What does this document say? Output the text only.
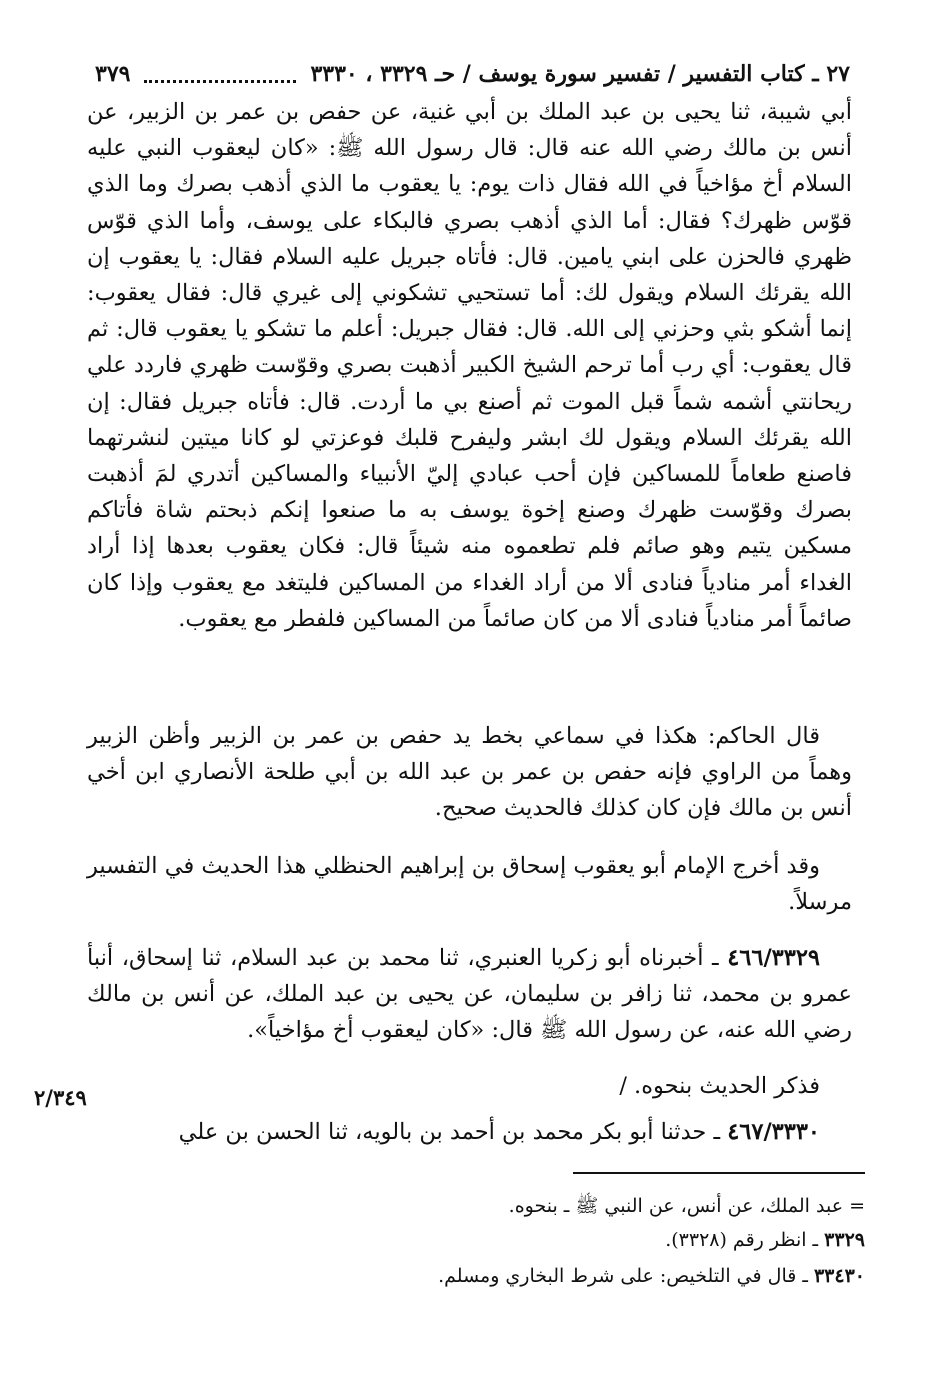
٢٧ ـ كتاب التفسير / تفسير سورة يوسف / حـ ٣٣٢٩ ، ٣٣٣٠
٣٧٩

أبي شيبة، ثنا يحيى بن عبد الملك بن أبي غنية، عن حفص بن عمر بن الزبير، عن أنس بن مالك رضي الله عنه قال: قال رسول الله ﷺ: «كان ليعقوب النبي عليه السلام أخ مؤاخياً في الله فقال ذات يوم: يا يعقوب ما الذي أذهب بصرك وما الذي قوّس ظهرك؟ فقال: أما الذي أذهب بصري فالبكاء على يوسف، وأما الذي قوّس ظهري فالحزن على ابني يامين. قال: فأتاه جبريل عليه السلام فقال: يا يعقوب إن الله يقرئك السلام ويقول لك: أما تستحيي تشكوني إلى غيري قال: فقال يعقوب: إنما أشكو بثي وحزني إلى الله. قال: فقال جبريل: أعلم ما تشكو يا يعقوب قال: ثم قال يعقوب: أي رب أما ترحم الشيخ الكبير أذهبت بصري وقوّست ظهري فاردد علي ريحانتي أشمه شماً قبل الموت ثم أصنع بي ما أردت. قال: فأتاه جبريل فقال: إن الله يقرئك السلام ويقول لك ابشر وليفرح قلبك فوعزتي لو كانا ميتين لنشرتهما فاصنع طعاماً للمساكين فإن أحب عبادي إليّ الأنبياء والمساكين أتدري لمَ أذهبت بصرك وقوّست ظهرك وصنع إخوة يوسف به ما صنعوا إنكم ذبحتم شاة فأتاكم مسكين يتيم وهو صائم فلم تطعموه منه شيئاً قال: فكان يعقوب بعدها إذا أراد الغداء أمر منادياً فنادى ألا من أراد الغداء من المساكين فليتغد مع يعقوب وإذا كان صائماً أمر منادياً فنادى ألا من كان صائماً من المساكين فلفطر مع يعقوب.

قال الحاكم: هكذا في سماعي بخط يد حفص بن عمر بن الزبير وأظن الزبير وهماً من الراوي فإنه حفص بن عمر بن عبد الله بن أبي طلحة الأنصاري ابن أخي أنس بن مالك فإن كان كذلك فالحديث صحيح.

وقد أخرج الإمام أبو يعقوب إسحاق بن إبراهيم الحنظلي هذا الحديث في التفسير مرسلاً.

٤٦٦/٣٣٢٩ ـ أخبرناه أبو زكريا العنبري، ثنا محمد بن عبد السلام، ثنا إسحاق، أنبأ عمرو بن محمد، ثنا زافر بن سليمان، عن يحيى بن عبد الملك، عن أنس بن مالك رضي الله عنه، عن رسول الله ﷺ قال: «كان ليعقوب أخ مؤاخياً».

فذكر الحديث بنحوه. /

٢/٣٤٩

٤٦٧/٣٣٣٠ ـ حدثنا أبو بكر محمد بن أحمد بن بالويه، ثنا الحسن بن علي

= عبد الملك، عن أنس، عن النبي ﷺ ـ بنحوه.
٣٣٢٩ ـ انظر رقم (٣٣٢٨).
٣٣٤٣٠ ـ قال في التلخيص: على شرط البخاري ومسلم.
